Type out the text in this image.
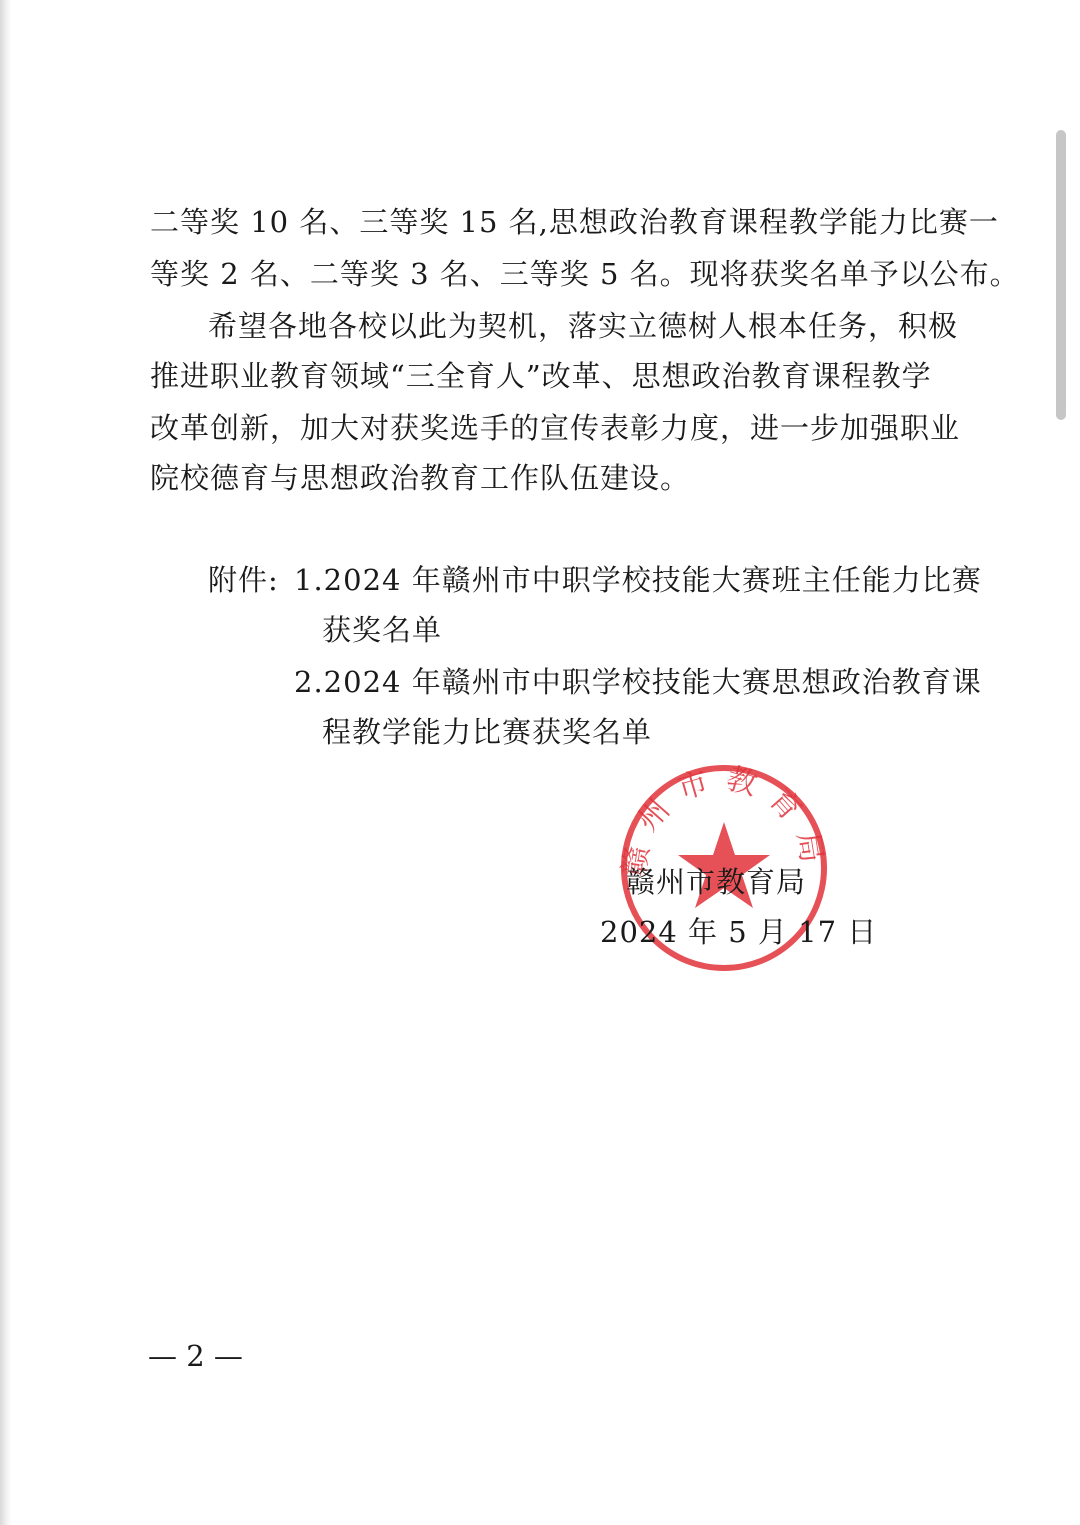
二等奖 10 名、三等奖 15 名,思想政治教育课程教学能力比赛一
等奖 2 名、二等奖 3 名、三等奖 5 名。现将获奖名单予以公布。
希望各地各校以此为契机，落实立德树人根本任务，积极
推进职业教育领域“三全育人”改革、思想政治教育课程教学
改革创新，加大对获奖选手的宣传表彰力度，进一步加强职业
院校德育与思想政治教育工作队伍建设。
附件: 1.2024 年赣州市中职学校技能大赛班主任能力比赛
获奖名单
2.2024 年赣州市中职学校技能大赛思想政治教育课
程教学能力比赛获奖名单
赣州市教育局
赣州市教育局
2024 年 5 月 17 日
— 2 —
